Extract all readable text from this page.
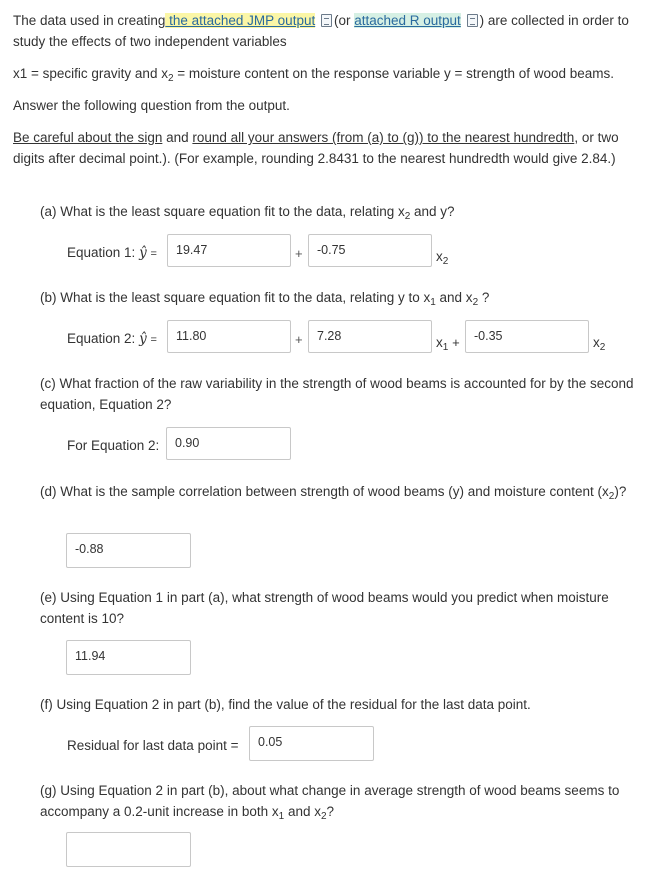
The data used in creating the attached JMP output (or attached R output ) are collected in order to study the effects of two independent variables

x1 = specific gravity and $x_2$ = moisture content on the response variable y = strength of wood beams.

Answer the following question from the output.

Be careful about the sign and round all your answers (from (a) to (g)) to the nearest hundredth, or two digits after decimal point.). (For example, rounding 2.8431 to the nearest hundredth would give 2.84.)

(a) What is the least square equation fit to the data, relating $x_2$ and y?

Equation 1: ŷ =	19.47	+	-0.75	$x_2$

(b) What is the least square equation fit to the data, relating y to $x_1$ and $x_2$ ?

Equation 2: ŷ =	11.80	+	7.28	$x_1$ +	-0.35	$x_2$

(c) What fraction of the raw variability in the strength of wood beams is accounted for by the second equation, Equation 2?

For Equation 2:	0.90

(d) What is the sample correlation between strength of wood beams (y) and moisture content $(x_2)$?

-0.88

(e) Using Equation 1 in part (a), what strength of wood beams would you predict when moisture content is 10?

11.94

(f) Using Equation 2 in part (b), find the value of the residual for the last data point.

Residual for last data point =	0.05

(g) Using Equation 2 in part (b), about what change in average strength of wood beams seems to accompany a 0.2-unit increase in both $x_1$ and $x_2$?
